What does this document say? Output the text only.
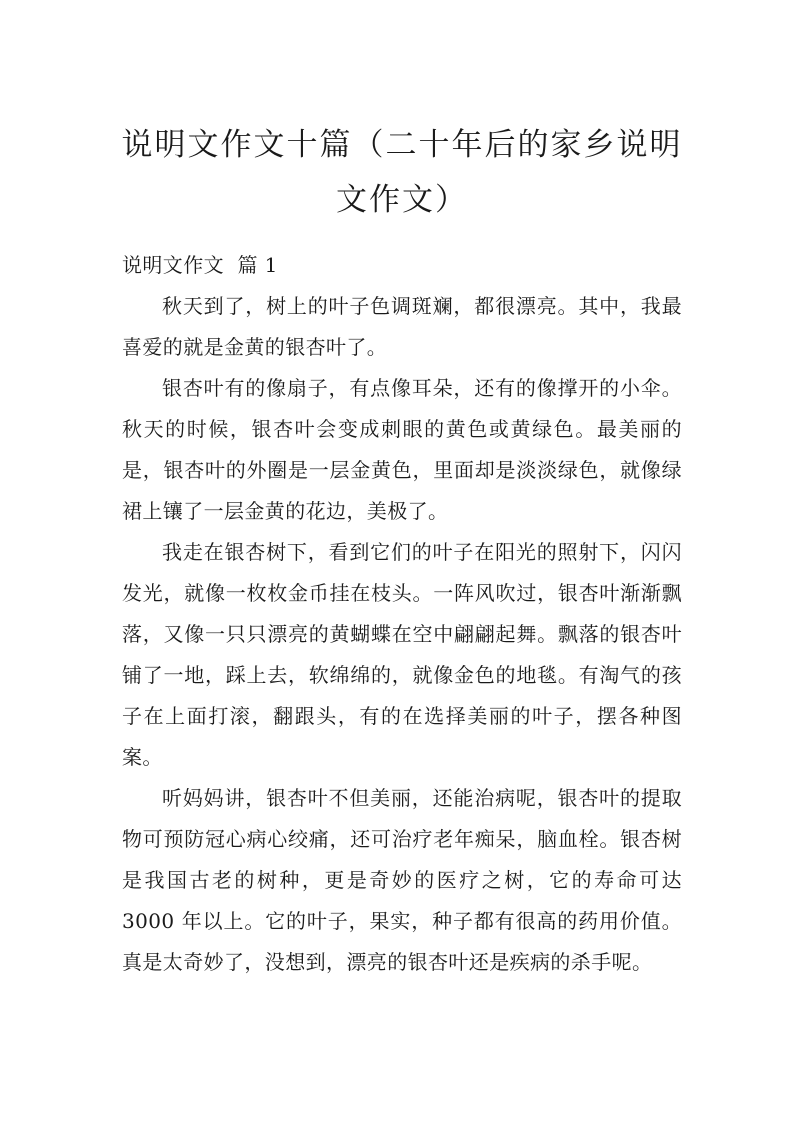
说明文作文十篇（二十年后的家乡说明文作文）

说明文作文  篇 1

秋天到了，树上的叶子色调斑斓，都很漂亮。其中，我最喜爱的就是金黄的银杏叶了。

银杏叶有的像扇子，有点像耳朵，还有的像撑开的小伞。秋天的时候，银杏叶会变成刺眼的黄色或黄绿色。最美丽的是，银杏叶的外圈是一层金黄色，里面却是淡淡绿色，就像绿裙上镶了一层金黄的花边，美极了。

我走在银杏树下，看到它们的叶子在阳光的照射下，闪闪发光，就像一枚枚金币挂在枝头。一阵风吹过，银杏叶渐渐飘落，又像一只只漂亮的黄蝴蝶在空中翩翩起舞。飘落的银杏叶铺了一地，踩上去，软绵绵的，就像金色的地毯。有淘气的孩子在上面打滚，翻跟头，有的在选择美丽的叶子，摆各种图案。

听妈妈讲，银杏叶不但美丽，还能治病呢，银杏叶的提取物可预防冠心病心绞痛，还可治疗老年痴呆，脑血栓。银杏树是我国古老的树种，更是奇妙的医疗之树，它的寿命可达 3000 年以上。它的叶子，果实，种子都有很高的药用价值。真是太奇妙了，没想到，漂亮的银杏叶还是疾病的杀手呢。
